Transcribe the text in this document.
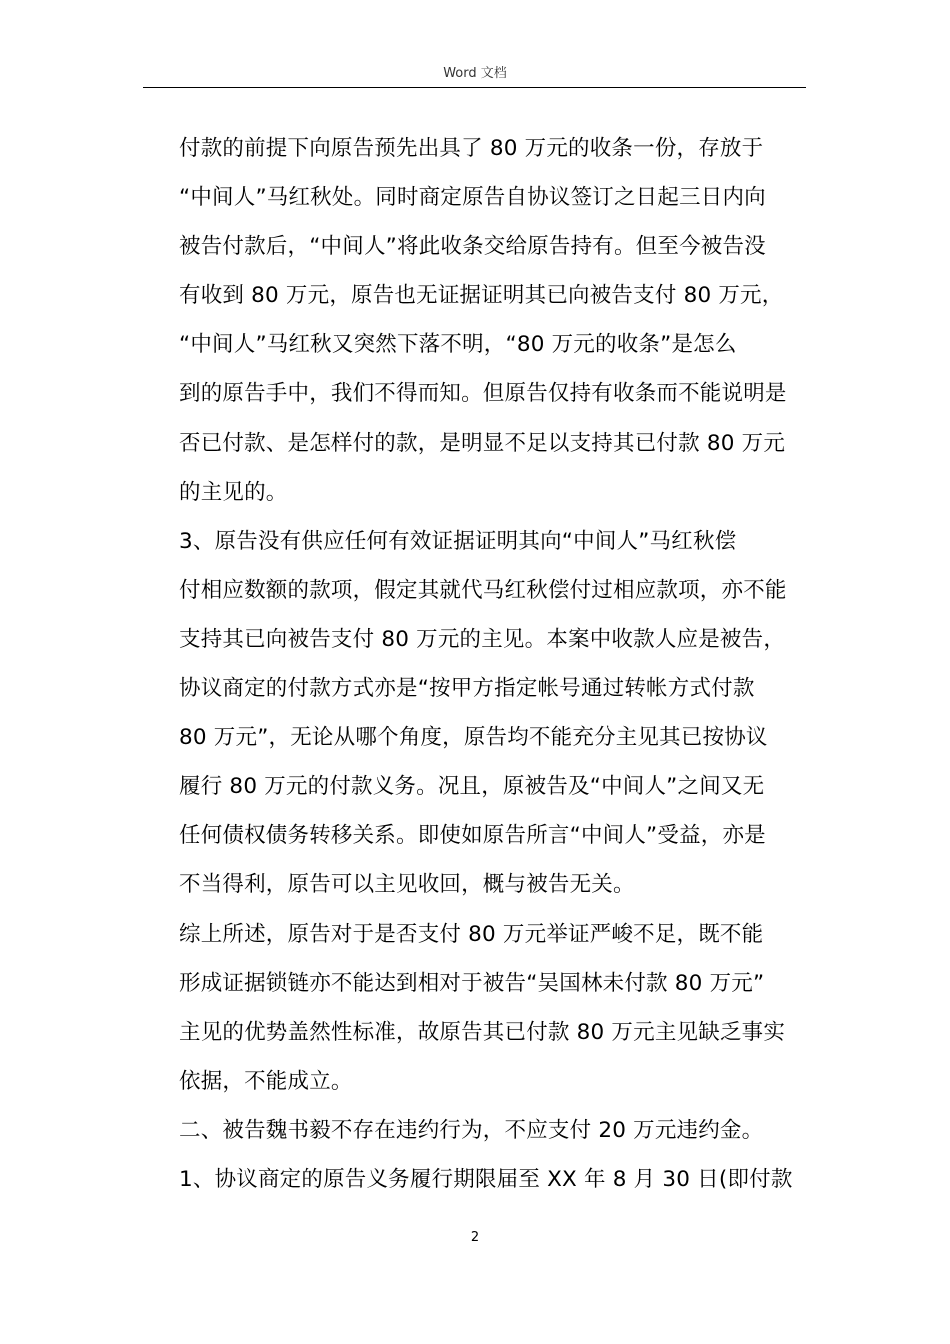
Word 文档
付款的前提下向原告预先出具了 80 万元的收条一份，存放于
“中间人”马红秋处。同时商定原告自协议签订之日起三日内向
被告付款后，“中间人”将此收条交给原告持有。但至今被告没
有收到 80 万元，原告也无证据证明其已向被告支付 80 万元，
“中间人”马红秋又突然下落不明，“80 万元的收条”是怎么
到的原告手中，我们不得而知。但原告仅持有收条而不能说明是
否已付款、是怎样付的款，是明显不足以支持其已付款 80 万元
的主见的。
3、原告没有供应任何有效证据证明其向“中间人”马红秋偿
付相应数额的款项，假定其就代马红秋偿付过相应款项，亦不能
支持其已向被告支付 80 万元的主见。本案中收款人应是被告，
协议商定的付款方式亦是“按甲方指定帐号通过转帐方式付款
80 万元”，无论从哪个角度，原告均不能充分主见其已按协议
履行 80 万元的付款义务。况且，原被告及“中间人”之间又无
任何债权债务转移关系。即使如原告所言“中间人”受益，亦是
不当得利，原告可以主见收回，概与被告无关。
综上所述，原告对于是否支付 80 万元举证严峻不足，既不能
形成证据锁链亦不能达到相对于被告“吴国林未付款 80 万元”
主见的优势盖然性标准，故原告其已付款 80 万元主见缺乏事实
依据，不能成立。
二、被告魏书毅不存在违约行为，不应支付 20 万元违约金。
1、协议商定的原告义务履行期限届至 XX 年 8 月 30 日(即付款
2
